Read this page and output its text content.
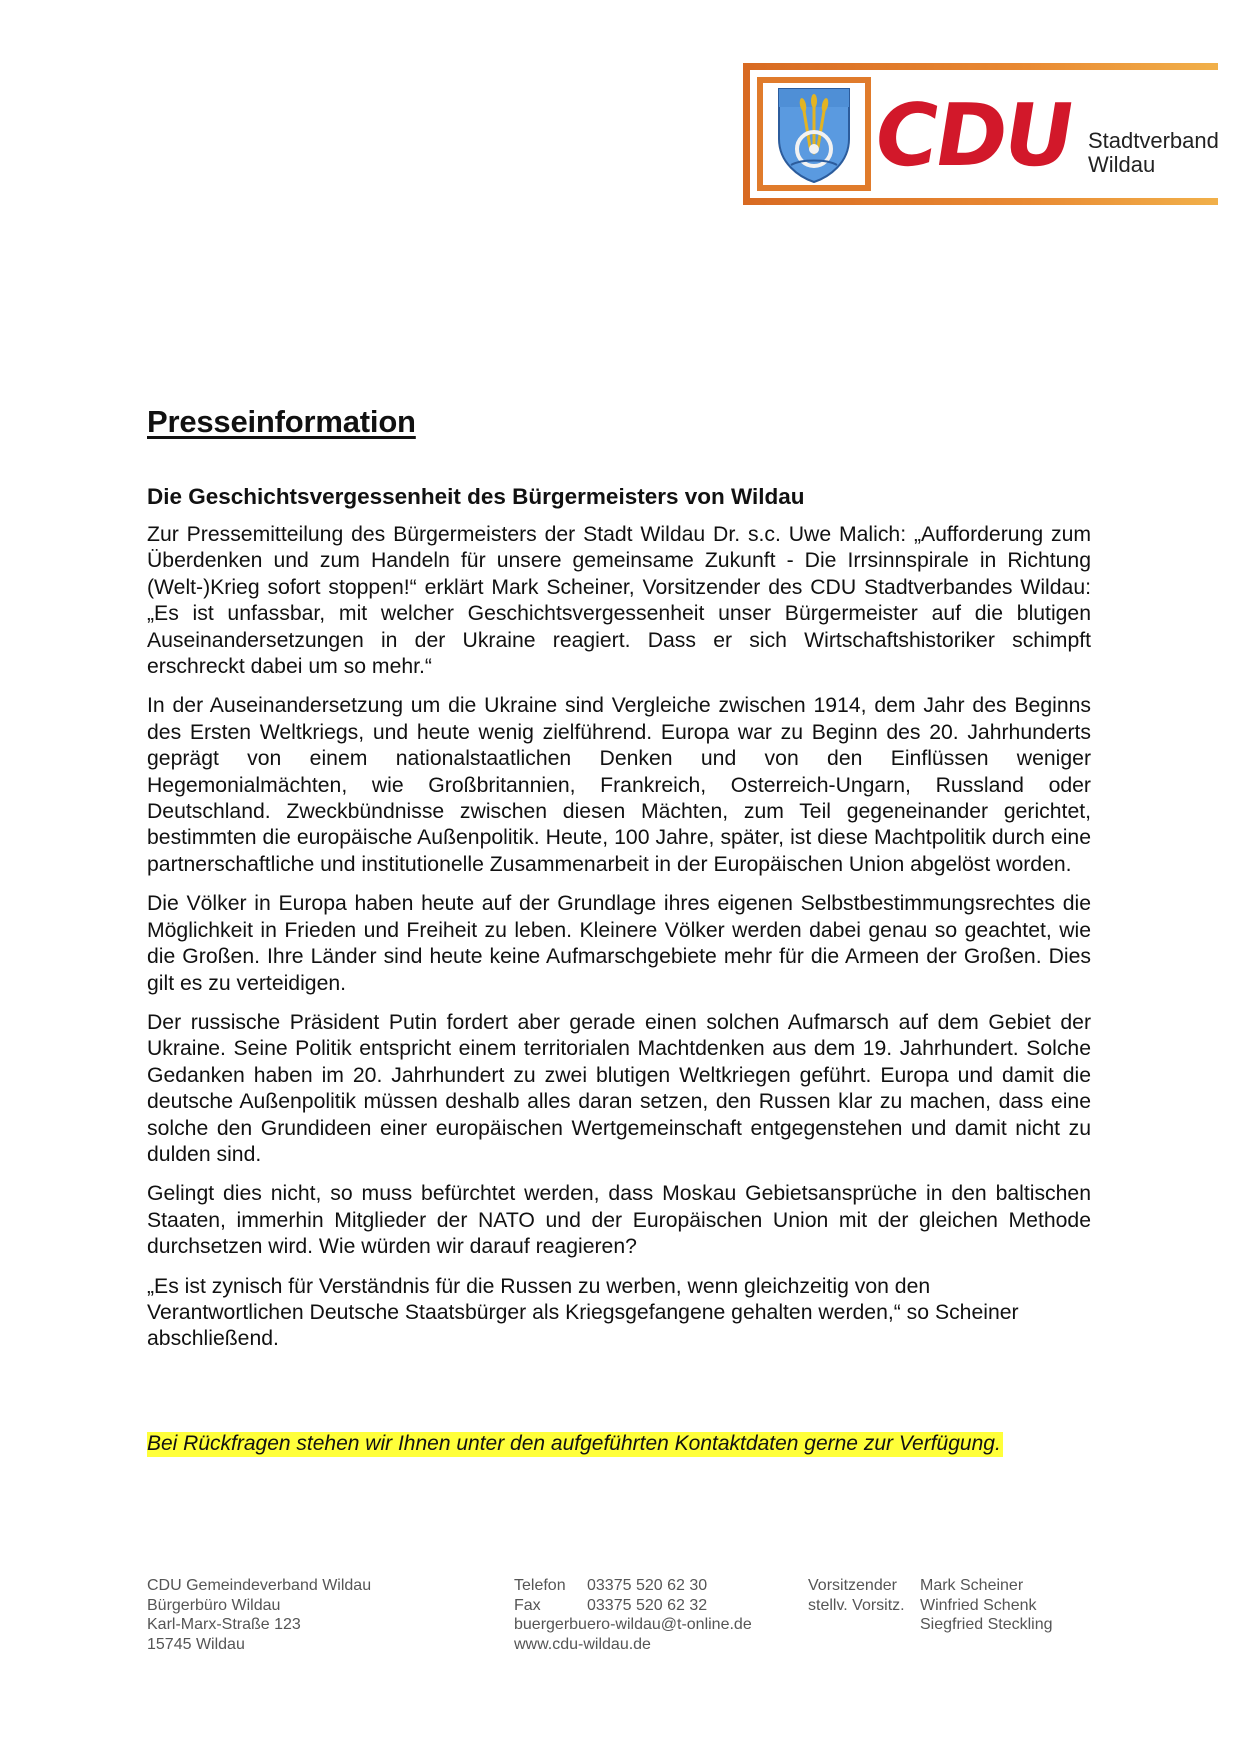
CDU Stadtverband
Wildau
Presseinformation
Die Geschichtsvergessenheit des Bürgermeisters von Wildau

Zur Pressemitteilung des Bürgermeisters der Stadt Wildau Dr. s.c. Uwe Malich: „Aufforderung zum Überdenken und zum Handeln für unsere gemeinsame Zukunft - Die Irrsinnspirale in Richtung (Welt-)Krieg sofort stoppen!“ erklärt Mark Scheiner, Vorsitzender des CDU Stadtverbandes Wildau: „Es ist unfassbar, mit welcher Geschichtsvergessenheit unser Bürgermeister auf die blutigen Auseinandersetzungen in der Ukraine reagiert. Dass er sich Wirtschaftshistoriker schimpft erschreckt dabei um so mehr.“

In der Auseinandersetzung um die Ukraine sind Vergleiche zwischen 1914, dem Jahr des Beginns des Ersten Weltkriegs, und heute wenig zielführend. Europa war zu Beginn des 20. Jahrhunderts geprägt von einem nationalstaatlichen Denken und von den Einflüssen weniger Hegemonialmächten, wie Großbritannien, Frankreich, Osterreich-Ungarn, Russland oder Deutschland. Zweckbündnisse zwischen diesen Mächten, zum Teil gegeneinander gerichtet, bestimmten die europäische Außenpolitik. Heute, 100 Jahre, später, ist diese Machtpolitik durch eine partnerschaftliche und institutionelle Zusammenarbeit in der Europäischen Union abgelöst worden.

Die Völker in Europa haben heute auf der Grundlage ihres eigenen Selbstbestimmungsrechtes die Möglichkeit in Frieden und Freiheit zu leben. Kleinere Völker werden dabei genau so geachtet, wie die Großen. Ihre Länder sind heute keine Aufmarschgebiete mehr für die Armeen der Großen. Dies gilt es zu verteidigen.

Der russische Präsident Putin fordert aber gerade einen solchen Aufmarsch auf dem Gebiet der Ukraine. Seine Politik entspricht einem territorialen Machtdenken aus dem 19. Jahrhundert. Solche Gedanken haben im 20. Jahrhundert zu zwei blutigen Weltkriegen geführt. Europa und damit die deutsche Außenpolitik müssen deshalb alles daran setzen, den Russen klar zu machen, dass eine solche den Grundideen einer europäischen Wertgemeinschaft entgegenstehen und damit nicht zu dulden sind.

Gelingt dies nicht, so muss befürchtet werden, dass Moskau Gebietsansprüche in den baltischen Staaten, immerhin Mitglieder der NATO und der Europäischen Union mit der gleichen Methode durchsetzen wird. Wie würden wir darauf reagieren?

„Es ist zynisch für Verständnis für die Russen zu werben, wenn gleichzeitig von den Verantwortlichen Deutsche Staatsbürger als Kriegsgefangene gehalten werden,“ so Scheiner abschließend.

Bei Rückfragen stehen wir Ihnen unter den aufgeführten Kontaktdaten gerne zur Verfügung.

CDU Gemeindeverband Wildau
Bürgerbüro Wildau
Karl-Marx-Straße 123
15745 Wildau
Telefon 03375 520 62 30
Fax	03375 520 62 32
buergerbuero-wildau@t-online.de
www.cdu-wildau.de
Vorsitzender Mark Scheiner
stellv. Vorsitz. Winfried Schenk
Siegfried Steckling
